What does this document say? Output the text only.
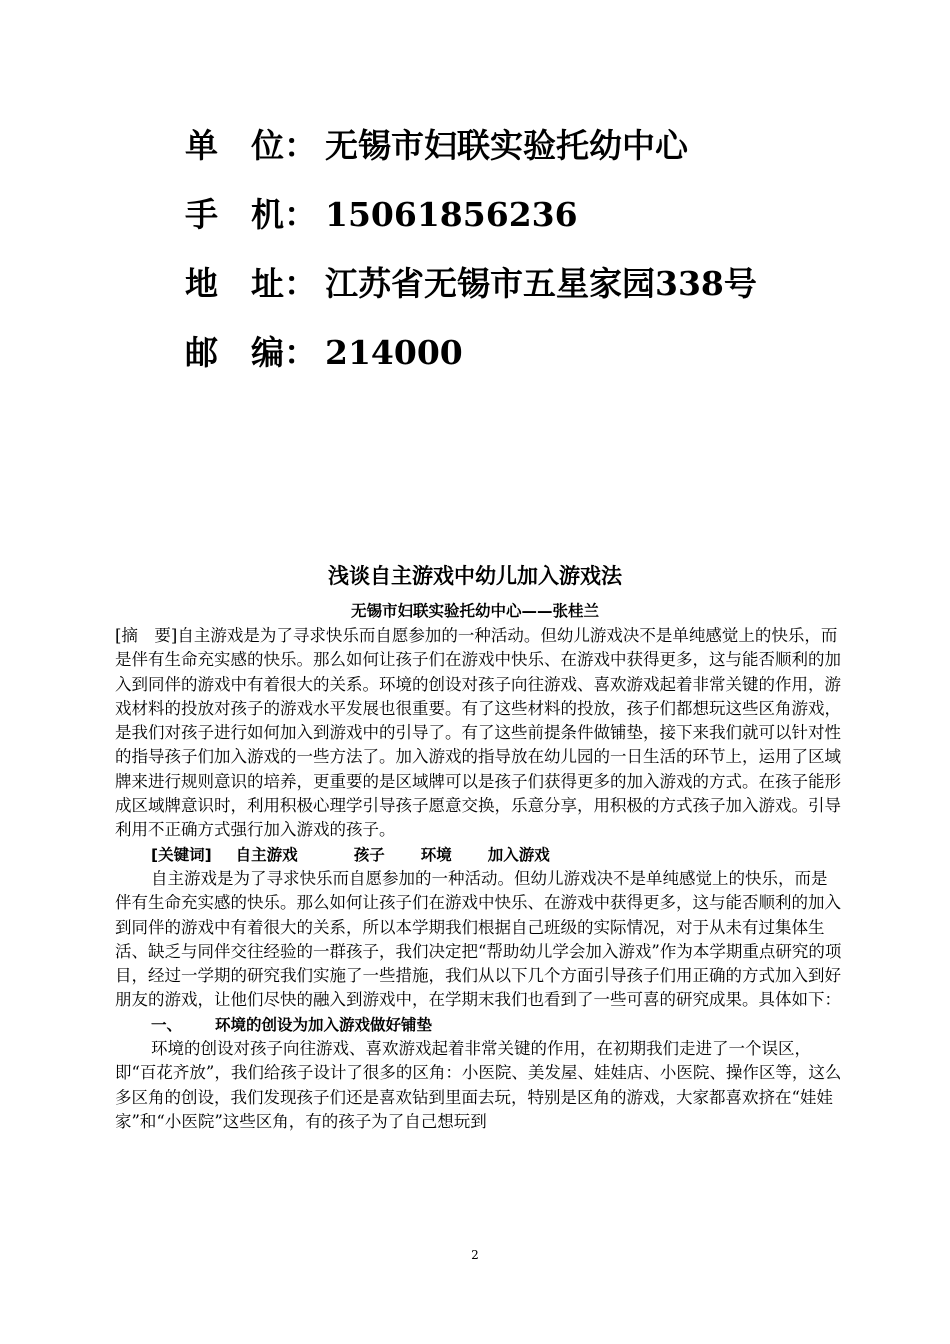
单　位： 无锡市妇联实验托幼中心
手　机： 15061856236
地　址： 江苏省无锡市五星家园338号
邮　编： 214000
浅谈自主游戏中幼儿加入游戏法
无锡市妇联实验托幼中心——张桂兰

[摘　要]自主游戏是为了寻求快乐而自愿参加的一种活动。但幼儿游戏决不是单纯感觉上的快乐，而是伴有生命充实感的快乐。那么如何让孩子们在游戏中快乐、在游戏中获得更多，这与能否顺利的加入到同伴的游戏中有着很大的关系。环境的创设对孩子向往游戏、喜欢游戏起着非常关键的作用，游戏材料的投放对孩子的游戏水平发展也很重要。有了这些材料的投放，孩子们都想玩这些区角游戏，是我们对孩子进行如何加入到游戏中的引导了。有了这些前提条件做铺垫，接下来我们就可以针对性的指导孩子们加入游戏的一些方法了。加入游戏的指导放在幼儿园的一日生活的环节上，运用了区域牌来进行规则意识的培养，更重要的是区域牌可以是孩子们获得更多的加入游戏的方式。在孩子能形成区域牌意识时，利用积极心理学引导孩子愿意交换，乐意分享，用积极的方式孩子加入游戏。引导利用不正确方式强行加入游戏的孩子。

[关键词] 自主游戏	孩子 环境 加入游戏

自主游戏是为了寻求快乐而自愿参加的一种活动。但幼儿游戏决不是单纯感觉上的快乐，而是伴有生命充实感的快乐。那么如何让孩子们在游戏中快乐、在游戏中获得更多，这与能否顺利的加入到同伴的游戏中有着很大的关系，所以本学期我们根据自己班级的实际情况，对于从未有过集体生活、缺乏与同伴交往经验的一群孩子，我们决定把“帮助幼儿学会加入游戏”作为本学期重点研究的项目，经过一学期的研究我们实施了一些措施，我们从以下几个方面引导孩子们用正确的方式加入到好朋友的游戏，让他们尽快的融入到游戏中，在学期末我们也看到了一些可喜的研究成果。具体如下：

一、 环境的创设为加入游戏做好铺垫

环境的创设对孩子向往游戏、喜欢游戏起着非常关键的作用，在初期我们走进了一个误区，即“百花齐放”，我们给孩子设计了很多的区角：小医院、美发屋、娃娃店、小医院、操作区等，这么多区角的创设，我们发现孩子们还是喜欢钻到里面去玩，特别是区角的游戏，大家都喜欢挤在“娃娃家”和“小医院”这些区角，有的孩子为了自己想玩到

2
